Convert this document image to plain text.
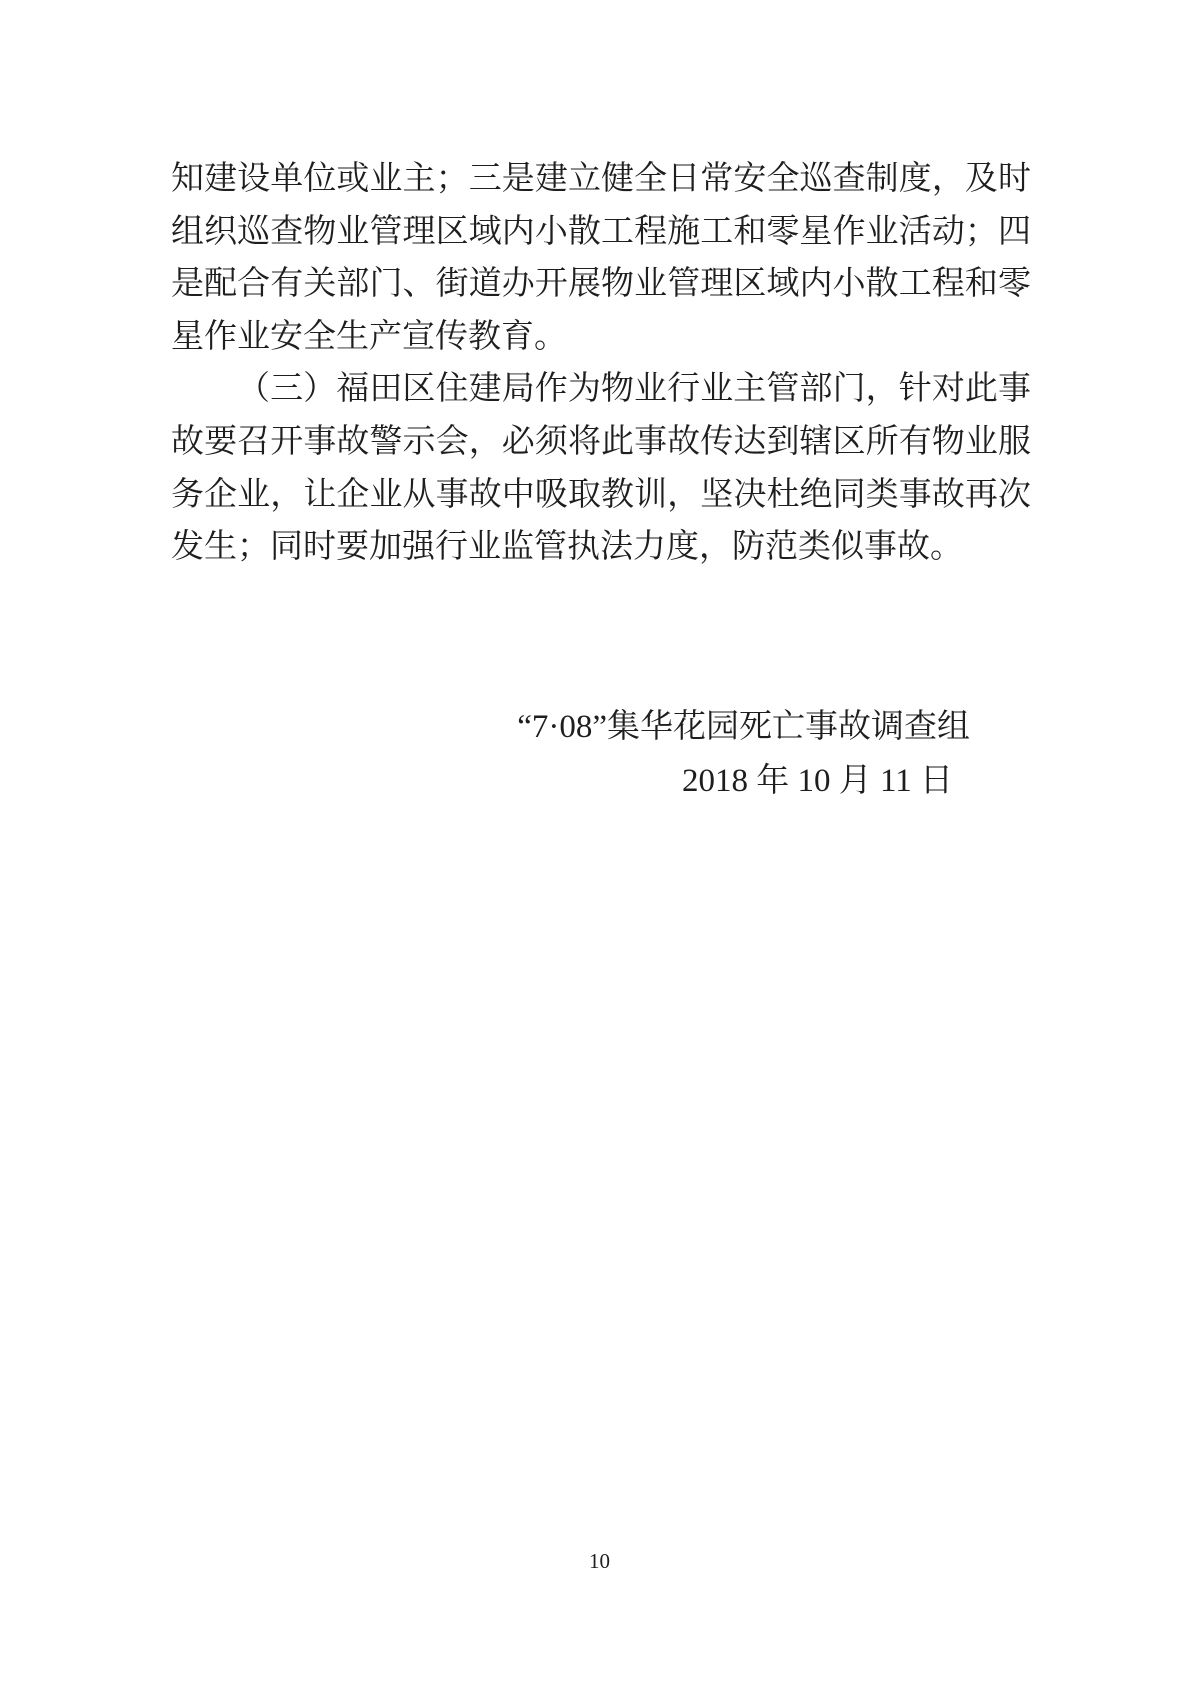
知建设单位或业主；三是建立健全日常安全巡查制度，及时组织巡查物业管理区域内小散工程施工和零星作业活动；四是配合有关部门、街道办开展物业管理区域内小散工程和零星作业安全生产宣传教育。

（三）福田区住建局作为物业行业主管部门，针对此事故要召开事故警示会，必须将此事故传达到辖区所有物业服务企业，让企业从事故中吸取教训，坚决杜绝同类事故再次发生；同时要加强行业监管执法力度，防范类似事故。

“7·08”集华花园死亡事故调查组
2018 年 10 月 11 日
10
